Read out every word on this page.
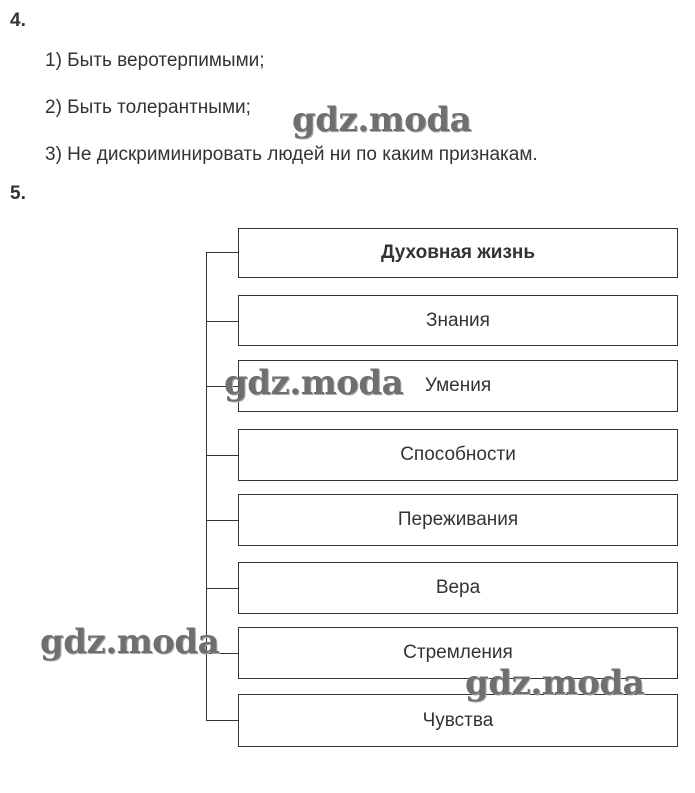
4.
1) Быть веротерпимыми;
2) Быть толерантными;
3) Не дискриминировать людей ни по каким признакам.
5.
Духовная жизнь
Знания
Умения
Способности
Переживания
Вера
Стремления
Чувства
gdz.moda
gdz.moda
gdz.moda
gdz.moda
